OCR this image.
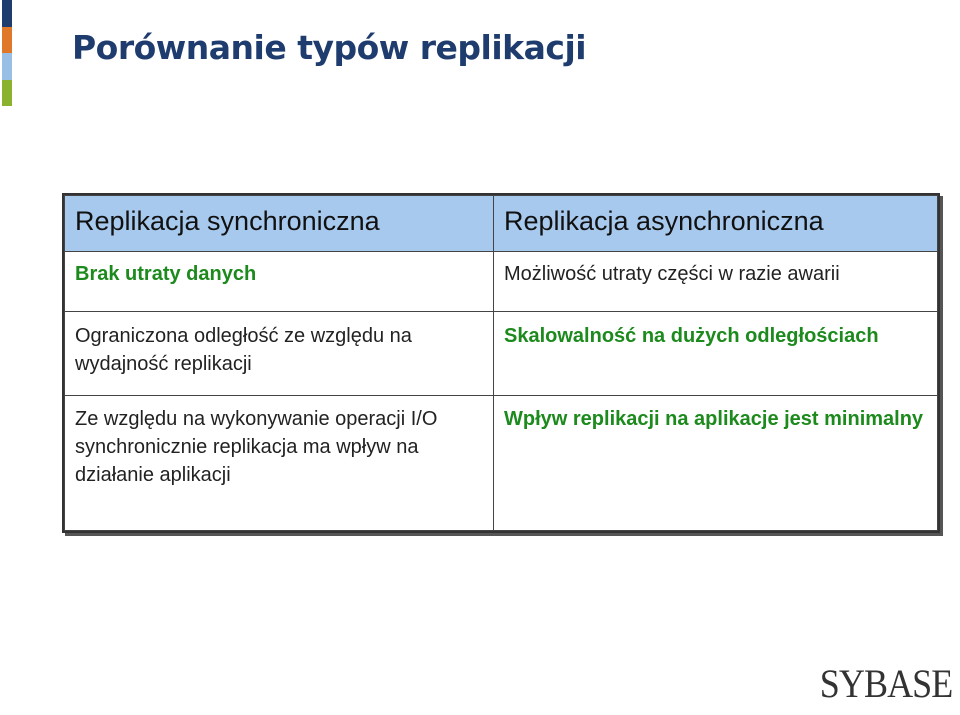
Porównanie typów replikacji
Replikacja synchroniczna	Replikacja asynchroniczna
Brak utraty danych	Możliwość utraty części w razie awarii
Ograniczona odległość ze względu na wydajność replikacji	Skalowalność na dużych odległościach
Ze względu na wykonywanie operacji I/O synchronicznie replikacja ma wpływ na działanie aplikacji	Wpływ replikacji na aplikacje jest minimalny
SYBASE
